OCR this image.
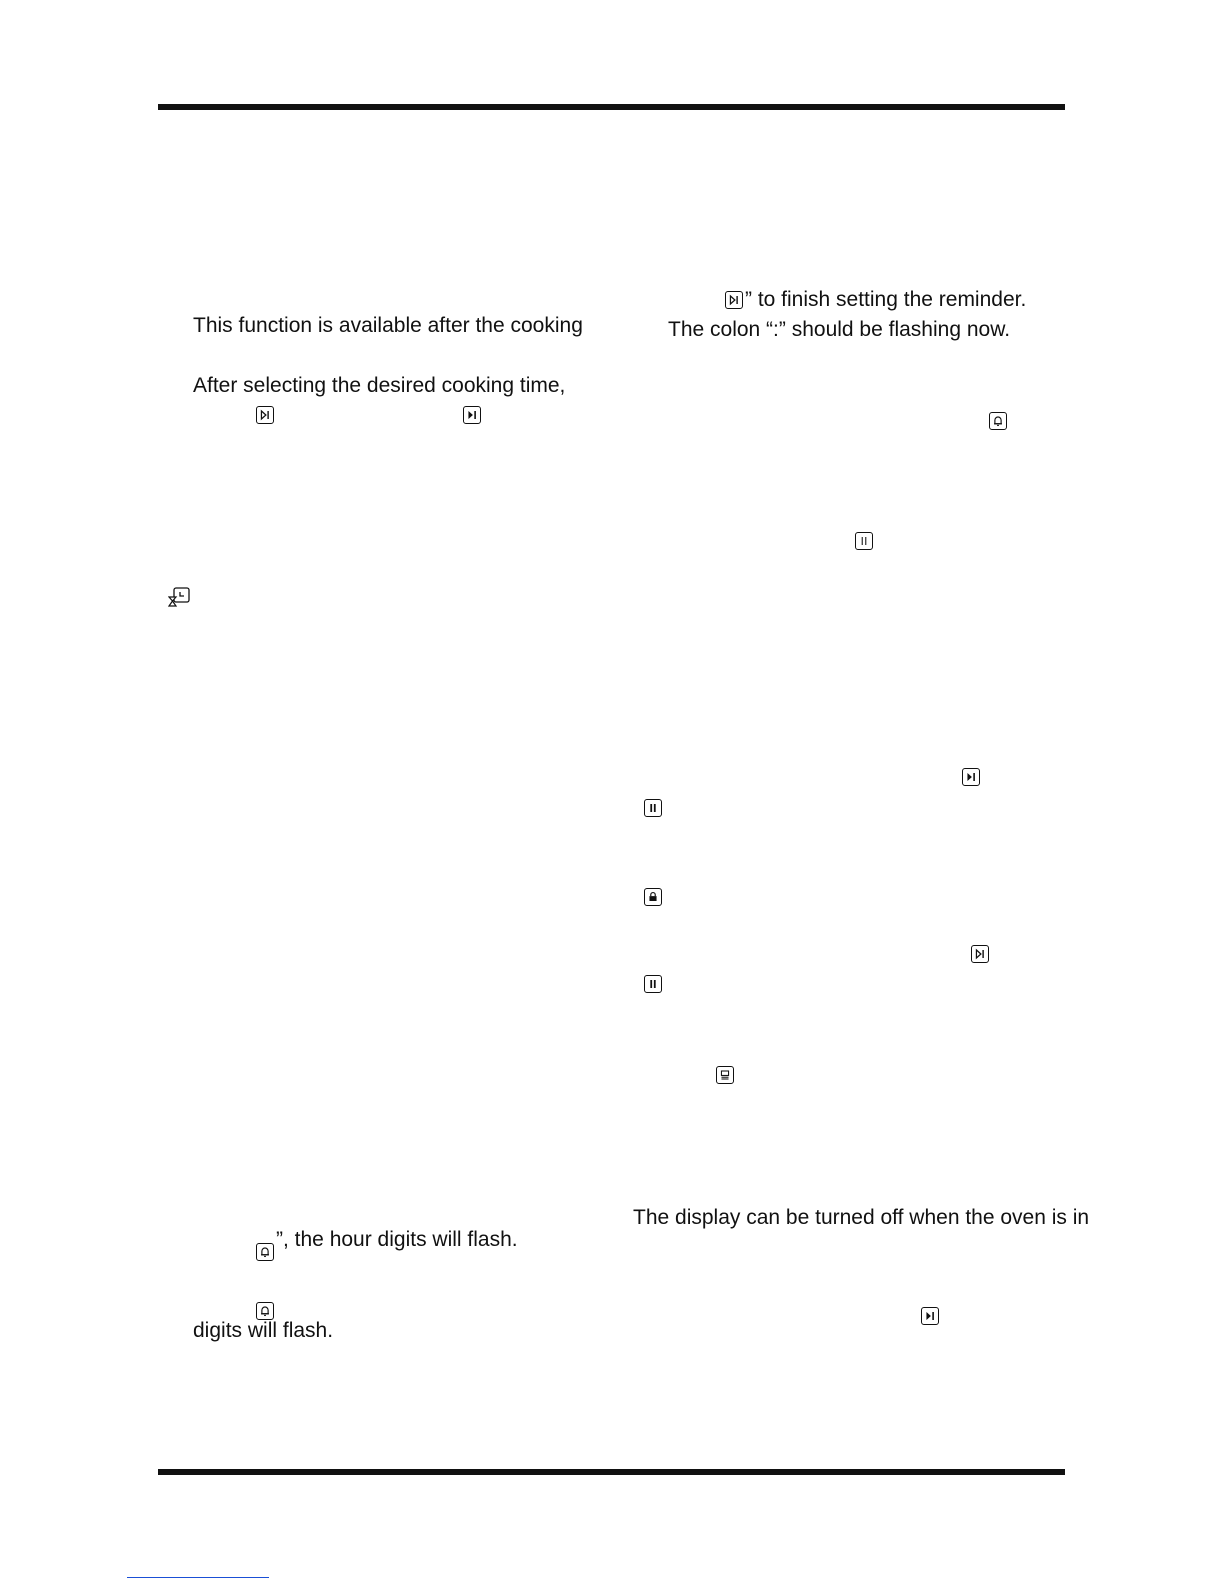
This function is available after the cooking
After selecting the desired cooking time,
”, the hour digits will flash.
digits will flash.
” to finish setting the reminder.
The colon “:” should be flashing now.
The display can be turned off when the oven is in
